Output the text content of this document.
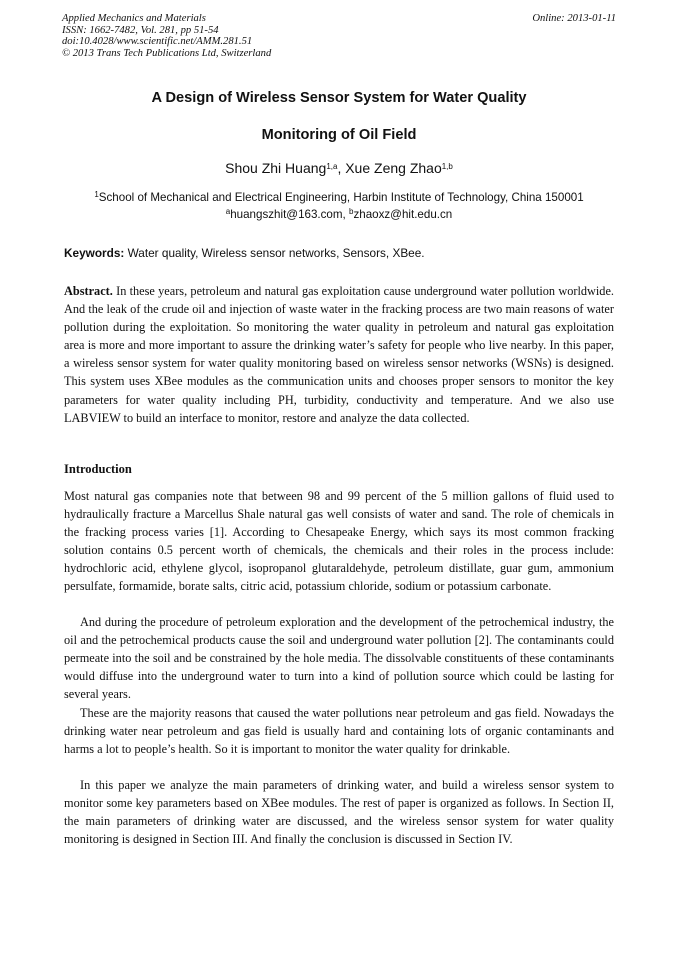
Applied Mechanics and Materials
ISSN: 1662-7482, Vol. 281, pp 51-54
doi:10.4028/www.scientific.net/AMM.281.51
© 2013 Trans Tech Publications Ltd, Switzerland
Online: 2013-01-11
A Design of Wireless Sensor System for Water Quality
Monitoring of Oil Field
Shou Zhi Huang$^{1,a}$, Xue Zeng Zhao$^{1,b}$
$^1$School of Mechanical and Electrical Engineering, Harbin Institute of Technology, China 150001
$^a$huangszhit@163.com, $^b$zhaoxz@hit.edu.cn
Keywords: Water quality, Wireless sensor networks, Sensors, XBee.
Abstract. In these years, petroleum and natural gas exploitation cause underground water pollution worldwide. And the leak of the crude oil and injection of waste water in the fracking process are two main reasons of water pollution during the exploitation. So monitoring the water quality in petroleum and natural gas exploitation area is more and more important to assure the drinking water’s safety for people who live nearby. In this paper, a wireless sensor system for water quality monitoring based on wireless sensor networks (WSNs) is designed. This system uses XBee modules as the communication units and chooses proper sensors to monitor the key parameters for water quality including PH, turbidity, conductivity and temperature. And we also use LABVIEW to build an interface to monitor, restore and analyze the data collected.
Introduction
Most natural gas companies note that between 98 and 99 percent of the 5 million gallons of fluid used to hydraulically fracture a Marcellus Shale natural gas well consists of water and sand. The role of chemicals in the fracking process varies [1]. According to Chesapeake Energy, which says its most common fracking solution contains 0.5 percent worth of chemicals, the chemicals and their roles in the process include: hydrochloric acid, ethylene glycol, isopropanol glutaraldehyde, petroleum distillate, guar gum, ammonium persulfate, formamide, borate salts, citric acid, potassium chloride, sodium or potassium carbonate.
And during the procedure of petroleum exploration and the development of the petrochemical industry, the oil and the petrochemical products cause the soil and underground water pollution [2]. The contaminants could permeate into the soil and be constrained by the hole media. The dissolvable constituents of these contaminants would diffuse into the underground water to turn into a kind of pollution source which could be lasting for several years.
These are the majority reasons that caused the water pollutions near petroleum and gas field. Nowadays the drinking water near petroleum and gas field is usually hard and containing lots of organic contaminants and harms a lot to people’s health. So it is important to monitor the water quality for drinkable.
In this paper we analyze the main parameters of drinking water, and build a wireless sensor system to monitor some key parameters based on XBee modules. The rest of paper is organized as follows. In Section II, the main parameters of drinking water are discussed, and the wireless sensor system for water quality monitoring is designed in Section III. And finally the conclusion is discussed in Section IV.
